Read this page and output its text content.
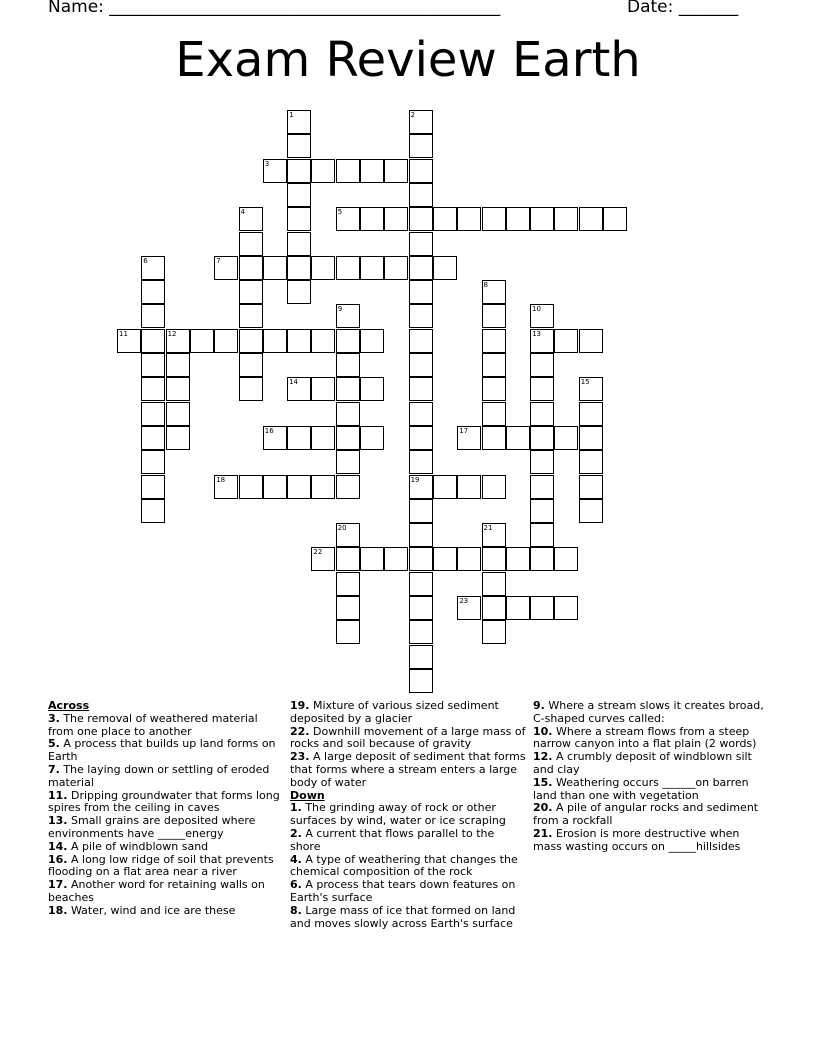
Name: ______________________________________________	Date: _______
Exam Review Earth
1	2
3
4	5
6	7
8
9	10
11	12	13
14	15
16	17
18	19
20	21
22
23
Across
3. The removal of weathered material from one place to another
5. A process that builds up land forms on Earth
7. The laying down or settling of eroded material
11. Dripping groundwater that forms long spires from the ceiling in caves
13. Small grains are deposited where environments have _____energy
14. A pile of windblown sand
16. A long low ridge of soil that prevents flooding on a flat area near a river
17. Another word for retaining walls on beaches
18. Water, wind and ice are these
19. Mixture of various sized sediment deposited by a glacier
22. Downhill movement of a large mass of rocks and soil because of gravity
23. A large deposit of sediment that forms that forms where a stream enters a large body of water
Down
1. The grinding away of rock or other surfaces by wind, water or ice scraping
2. A current that flows parallel to the shore
4. A type of weathering that changes the chemical composition of the rock
6. A process that tears down features on Earth's surface
8. Large mass of ice that formed on land and moves slowly across Earth's surface
9. Where a stream slows it creates broad, C-shaped curves called:
10. Where a stream flows from a steep narrow canyon into a flat plain (2 words)
12. A crumbly deposit of windblown silt and clay
15. Weathering occurs ______on barren land than one with vegetation
20. A pile of angular rocks and sediment from a rockfall
21. Erosion is more destructive when mass wasting occurs on _____hillsides
